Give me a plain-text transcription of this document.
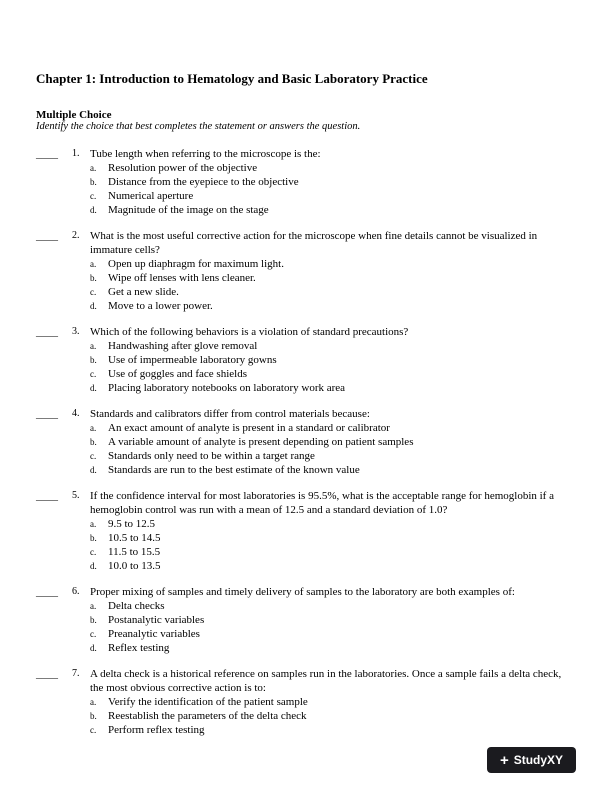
Chapter 1: Introduction to Hematology and Basic Laboratory Practice
Multiple Choice
Identify the choice that best completes the statement or answers the question.
____ 1. Tube length when referring to the microscope is the:
a. Resolution power of the objective
b. Distance from the eyepiece to the objective
c. Numerical aperture
d. Magnitude of the image on the stage
____ 2. What is the most useful corrective action for the microscope when fine details cannot be visualized in immature cells?
a. Open up diaphragm for maximum light.
b. Wipe off lenses with lens cleaner.
c. Get a new slide.
d. Move to a lower power.
____ 3. Which of the following behaviors is a violation of standard precautions?
a. Handwashing after glove removal
b. Use of impermeable laboratory gowns
c. Use of goggles and face shields
d. Placing laboratory notebooks on laboratory work area
____ 4. Standards and calibrators differ from control materials because:
a. An exact amount of analyte is present in a standard or calibrator
b. A variable amount of analyte is present depending on patient samples
c. Standards only need to be within a target range
d. Standards are run to the best estimate of the known value
____ 5. If the confidence interval for most laboratories is 95.5%, what is the acceptable range for hemoglobin if a hemoglobin control was run with a mean of 12.5 and a standard deviation of 1.0?
a. 9.5 to 12.5
b. 10.5 to 14.5
c. 11.5 to 15.5
d. 10.0 to 13.5
____ 6. Proper mixing of samples and timely delivery of samples to the laboratory are both examples of:
a. Delta checks
b. Postanalytic variables
c. Preanalytic variables
d. Reflex testing
____ 7. A delta check is a historical reference on samples run in the laboratories. Once a sample fails a delta check, the most obvious corrective action is to:
a. Verify the identification of the patient sample
b. Reestablish the parameters of the delta check
c. Perform reflex testing
+ StudyXY
